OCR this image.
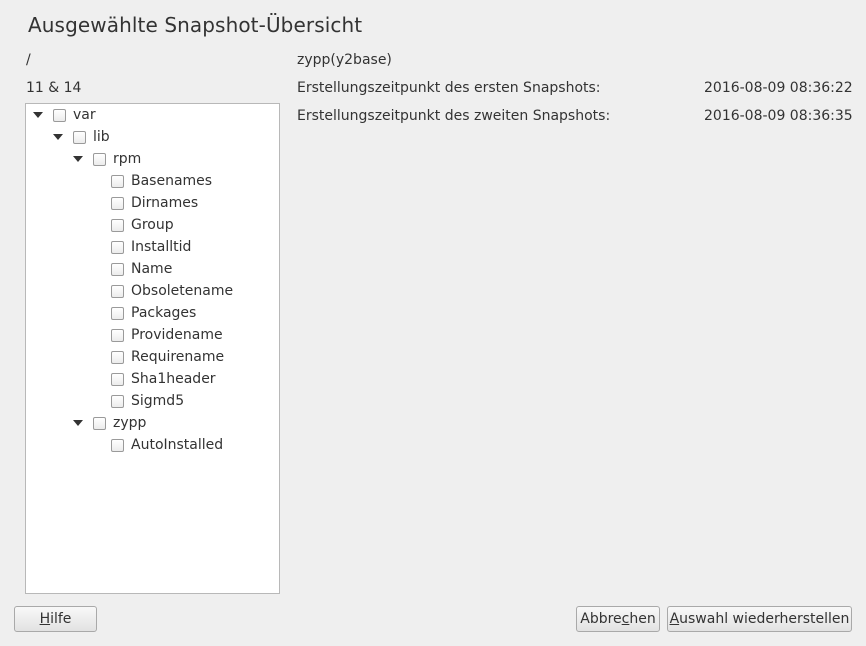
Ausgewählte Snapshot-Übersicht
/
11 & 14
zypp(y2base)
Erstellungszeitpunkt des ersten Snapshots:	2016-08-09 08:36:22
Erstellungszeitpunkt des zweiten Snapshots:	2016-08-09 08:36:35
var
lib
rpm
Basenames
Dirnames
Group
Installtid
Name
Obsoletename
Packages
Providename
Requirename
Sha1header
Sigmd5
zypp
AutoInstalled
Hilfe	Abbrechen Auswahl wiederherstellen
